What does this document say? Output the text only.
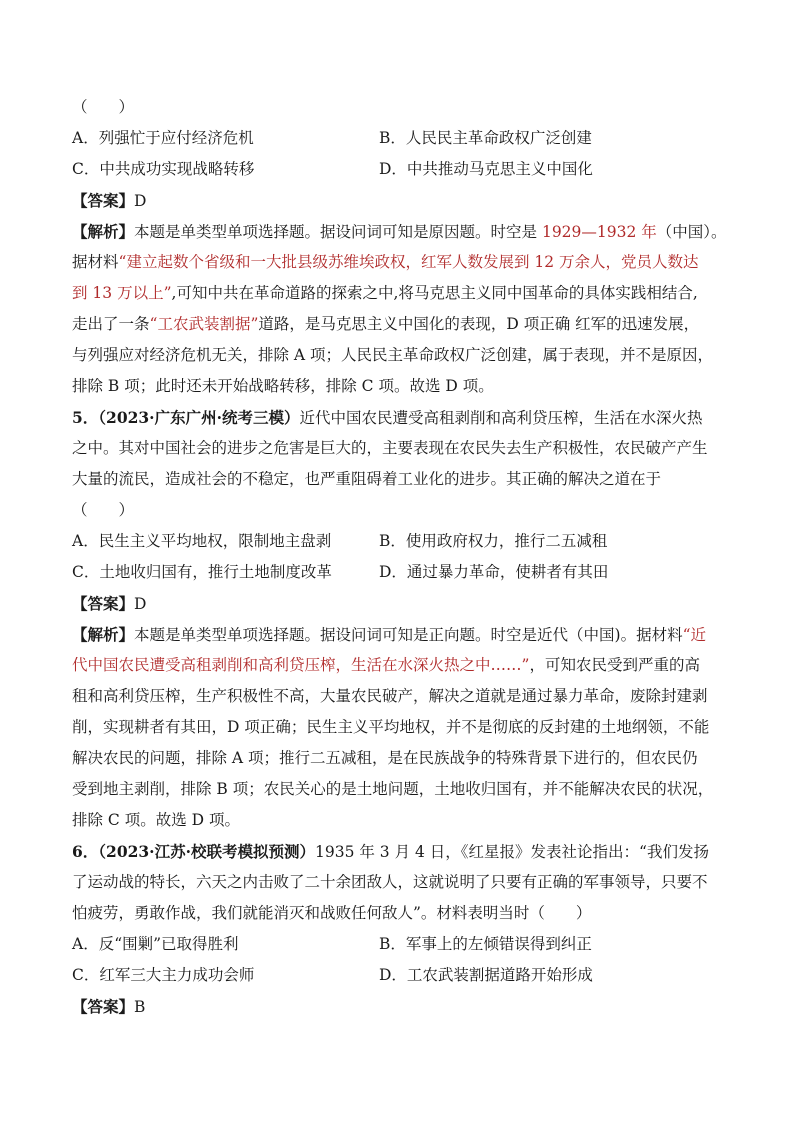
（　　）
A．列强忙于应付经济危机	B．人民民主革命政权广泛创建
C．中共成功实现战略转移	D．中共推动马克思主义中国化
【答案】D
【解析】本题是单类型单项选择题。据设问词可知是原因题。时空是 1929—1932 年（中国）。
据材料“建立起数个省级和一大批县级苏维埃政权，红军人数发展到 12 万余人，党员人数达
到 13 万以上”,可知中共在革命道路的探索之中,将马克思主义同中国革命的具体实践相结合,
走出了一条“工农武装割据”道路，是马克思主义中国化的表现，D 项正确 红军的迅速发展，
与列强应对经济危机无关，排除 A 项；人民民主革命政权广泛创建，属于表现，并不是原因，
排除 B 项；此时还未开始战略转移，排除 C 项。故选 D 项。
5．（2023·广东广州·统考三模）近代中国农民遭受高租剥削和高利贷压榨，生活在水深火热
之中。其对中国社会的进步之危害是巨大的，主要表现在农民失去生产积极性，农民破产产生
大量的流民，造成社会的不稳定，也严重阻碍着工业化的进步。其正确的解决之道在于
（　　）
A．民生主义平均地权，限制地主盘剥	B．使用政府权力，推行二五减租
C．土地收归国有，推行土地制度改革	D．通过暴力革命，使耕者有其田
【答案】D
【解析】本题是单类型单项选择题。据设问词可知是正向题。时空是近代（中国)。据材料“近
代中国农民遭受高租剥削和高利贷压榨，生活在水深火热之中……”，可知农民受到严重的高
租和高利贷压榨，生产积极性不高，大量农民破产，解决之道就是通过暴力革命，废除封建剥
削，实现耕者有其田，D 项正确；民生主义平均地权，并不是彻底的反封建的土地纲领，不能
解决农民的问题，排除 A 项；推行二五减租，是在民族战争的特殊背景下进行的，但农民仍
受到地主剥削，排除 B 项；农民关心的是土地问题，土地收归国有，并不能解决农民的状况，
排除 C 项。故选 D 项。
6．（2023·江苏·校联考模拟预测）1935 年 3 月 4 日，《红星报》发表社论指出：“我们发扬
了运动战的特长，六天之内击败了二十余团敌人，这就说明了只要有正确的军事领导，只要不
怕疲劳，勇敢作战，我们就能消灭和战败任何敌人”。材料表明当时（　　）
A．反“围剿”已取得胜利	B．军事上的左倾错误得到纠正
C．红军三大主力成功会师	D．工农武装割据道路开始形成
【答案】B
